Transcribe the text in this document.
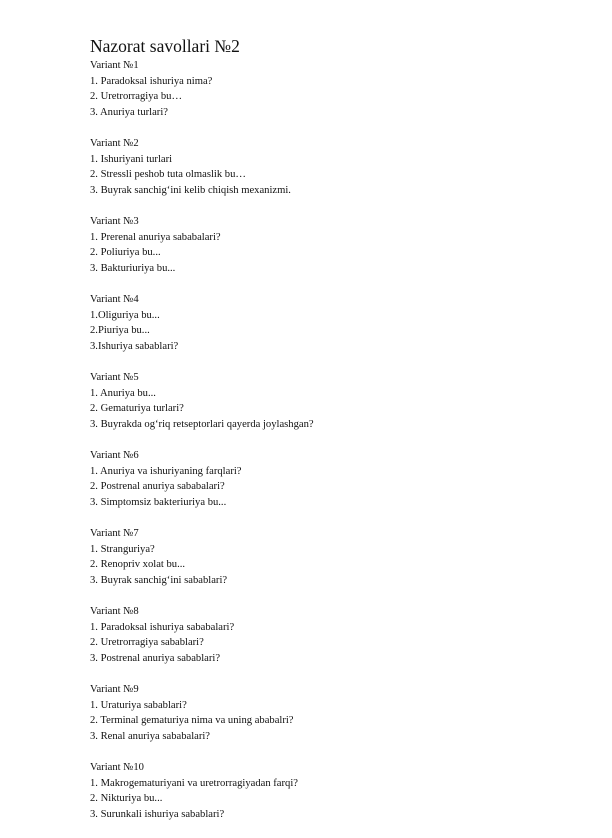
Nazorat savollari №2

Variant №1

1. Paradoksal ishuriya nima?

2. Uretrorragiya bu…

3. Anuriya turlari?

Variant №2

1. Ishuriyani turlari

2. Stressli peshob tuta olmaslik bu…

3. Buyrak sanchig‘ini kelib chiqish mexanizmi.

Variant №3

1. Prerenal anuriya sababalari?

2. Poliuriya bu...

3. Bakturiuriya bu...

Variant №4

1.Oliguriya bu...

2.Piuriya bu...

3.Ishuriya sabablari?

Variant №5

1. Anuriya bu...

2. Gematuriya turlari?

3. Buyrakda og‘riq retseptorlari qayerda joylashgan?

Variant №6

1. Anuriya va ishuriyaning farqlari?

2. Postrenal anuriya sababalari?

3. Simptomsiz bakteriuriya bu...

Variant №7

1. Stranguriya?

2. Renopriv xolat bu...

3. Buyrak sanchig‘ini sabablari?

Variant №8

1. Paradoksal ishuriya sababalari?

2. Uretrorragiya sabablari?

3. Postrenal anuriya sabablari?

Variant №9

1. Uraturiya sabablari?

2. Terminal gematuriya nima va uning ababalri?

3. Renal anuriya sababalari?

Variant №10

1. Makrogematuriyani va uretrorragiyadan farqi?

2. Nikturiya bu...

3. Surunkali ishuriya sabablari?
